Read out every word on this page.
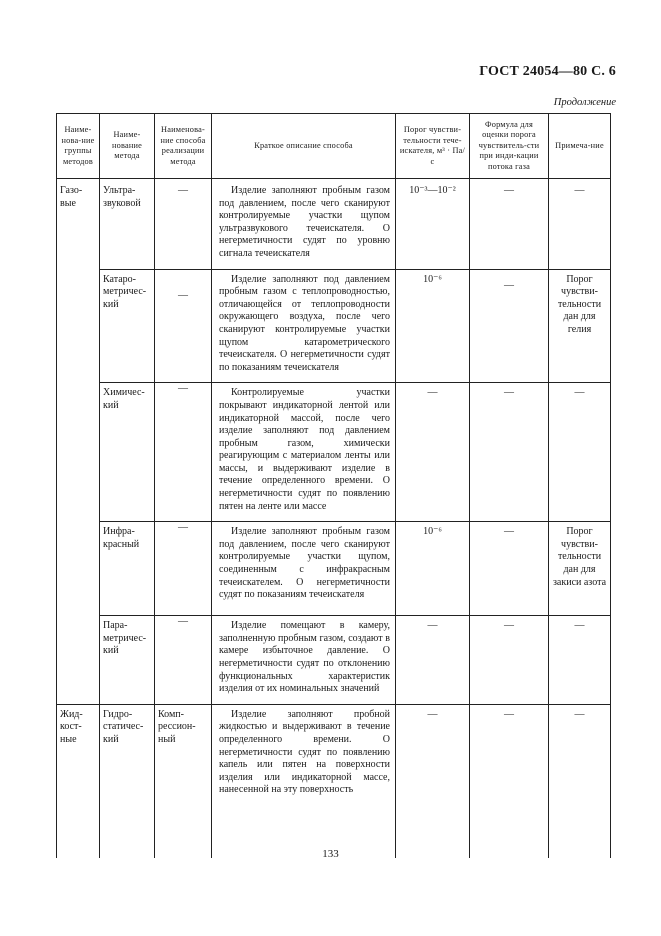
ГОСТ 24054—80 С. 6
Продолжение
Наиме-нова-ние группы методов	Наиме-нование метода	Наименова-ние способа реализации метода	Краткое описание способа	Порог чувстви-тельности тече-искателя, м³ · Па/с	Формула для оценки порога чувствитель-сти при инди-кации потока газа	Примеча-ние
Газо-вые	Ультра-звуковой	—	Изделие заполняют пробным газом под давлением, после чего сканируют контролируемые участки щупом ультразвукового течеискателя. О негерметичности судят по уровню сигнала течеискателя	10⁻³—10⁻²	—	—
	Катаро-метричес-кий	—	Изделие заполняют под давлением пробным газом с теплопроводностью, отличающейся от теплопроводности окружающего воздуха, после чего сканируют контролируемые участки щупом катарометрического течеискателя. О негерметичности судят по показаниям течеискателя	10⁻⁶	—	Порог чувстви-тельности дан для гелия
	Химичес-кий	—	Контролируемые участки покрывают индикаторной лентой или индикаторной массой, после чего изделие заполняют под давлением пробным газом, химически реагирующим с материалом ленты или массы, и выдерживают изделие в течение определенного времени. О негерметичности судят по появлению пятен на ленте или массе	—	—	—
	Инфра-красный	—	Изделие заполняют пробным газом под давлением, после чего сканируют контролируемые участки щупом, соединенным с инфракрасным течеискателем. О негерметичности судят по показаниям течеискателя	10⁻⁶	—	Порог чувстви-тельности дан для закиси азота
	Пара-метричес-кий	—	Изделие помещают в камеру, заполненную пробным газом, создают в камере избыточное давление. О негерметичности судят по отклонению функциональных характеристик изделия от их номинальных значений	—	—	—
Жид-кост-ные	Гидро-статичес-кий	Комп-рессион-ный	Изделие заполняют пробной жидкостью и выдерживают в течение определенного времени. О негерметичности судят по появлению капель или пятен на поверхности изделия или индикаторной массе, нанесенной на эту поверхность	—	—	—
133
